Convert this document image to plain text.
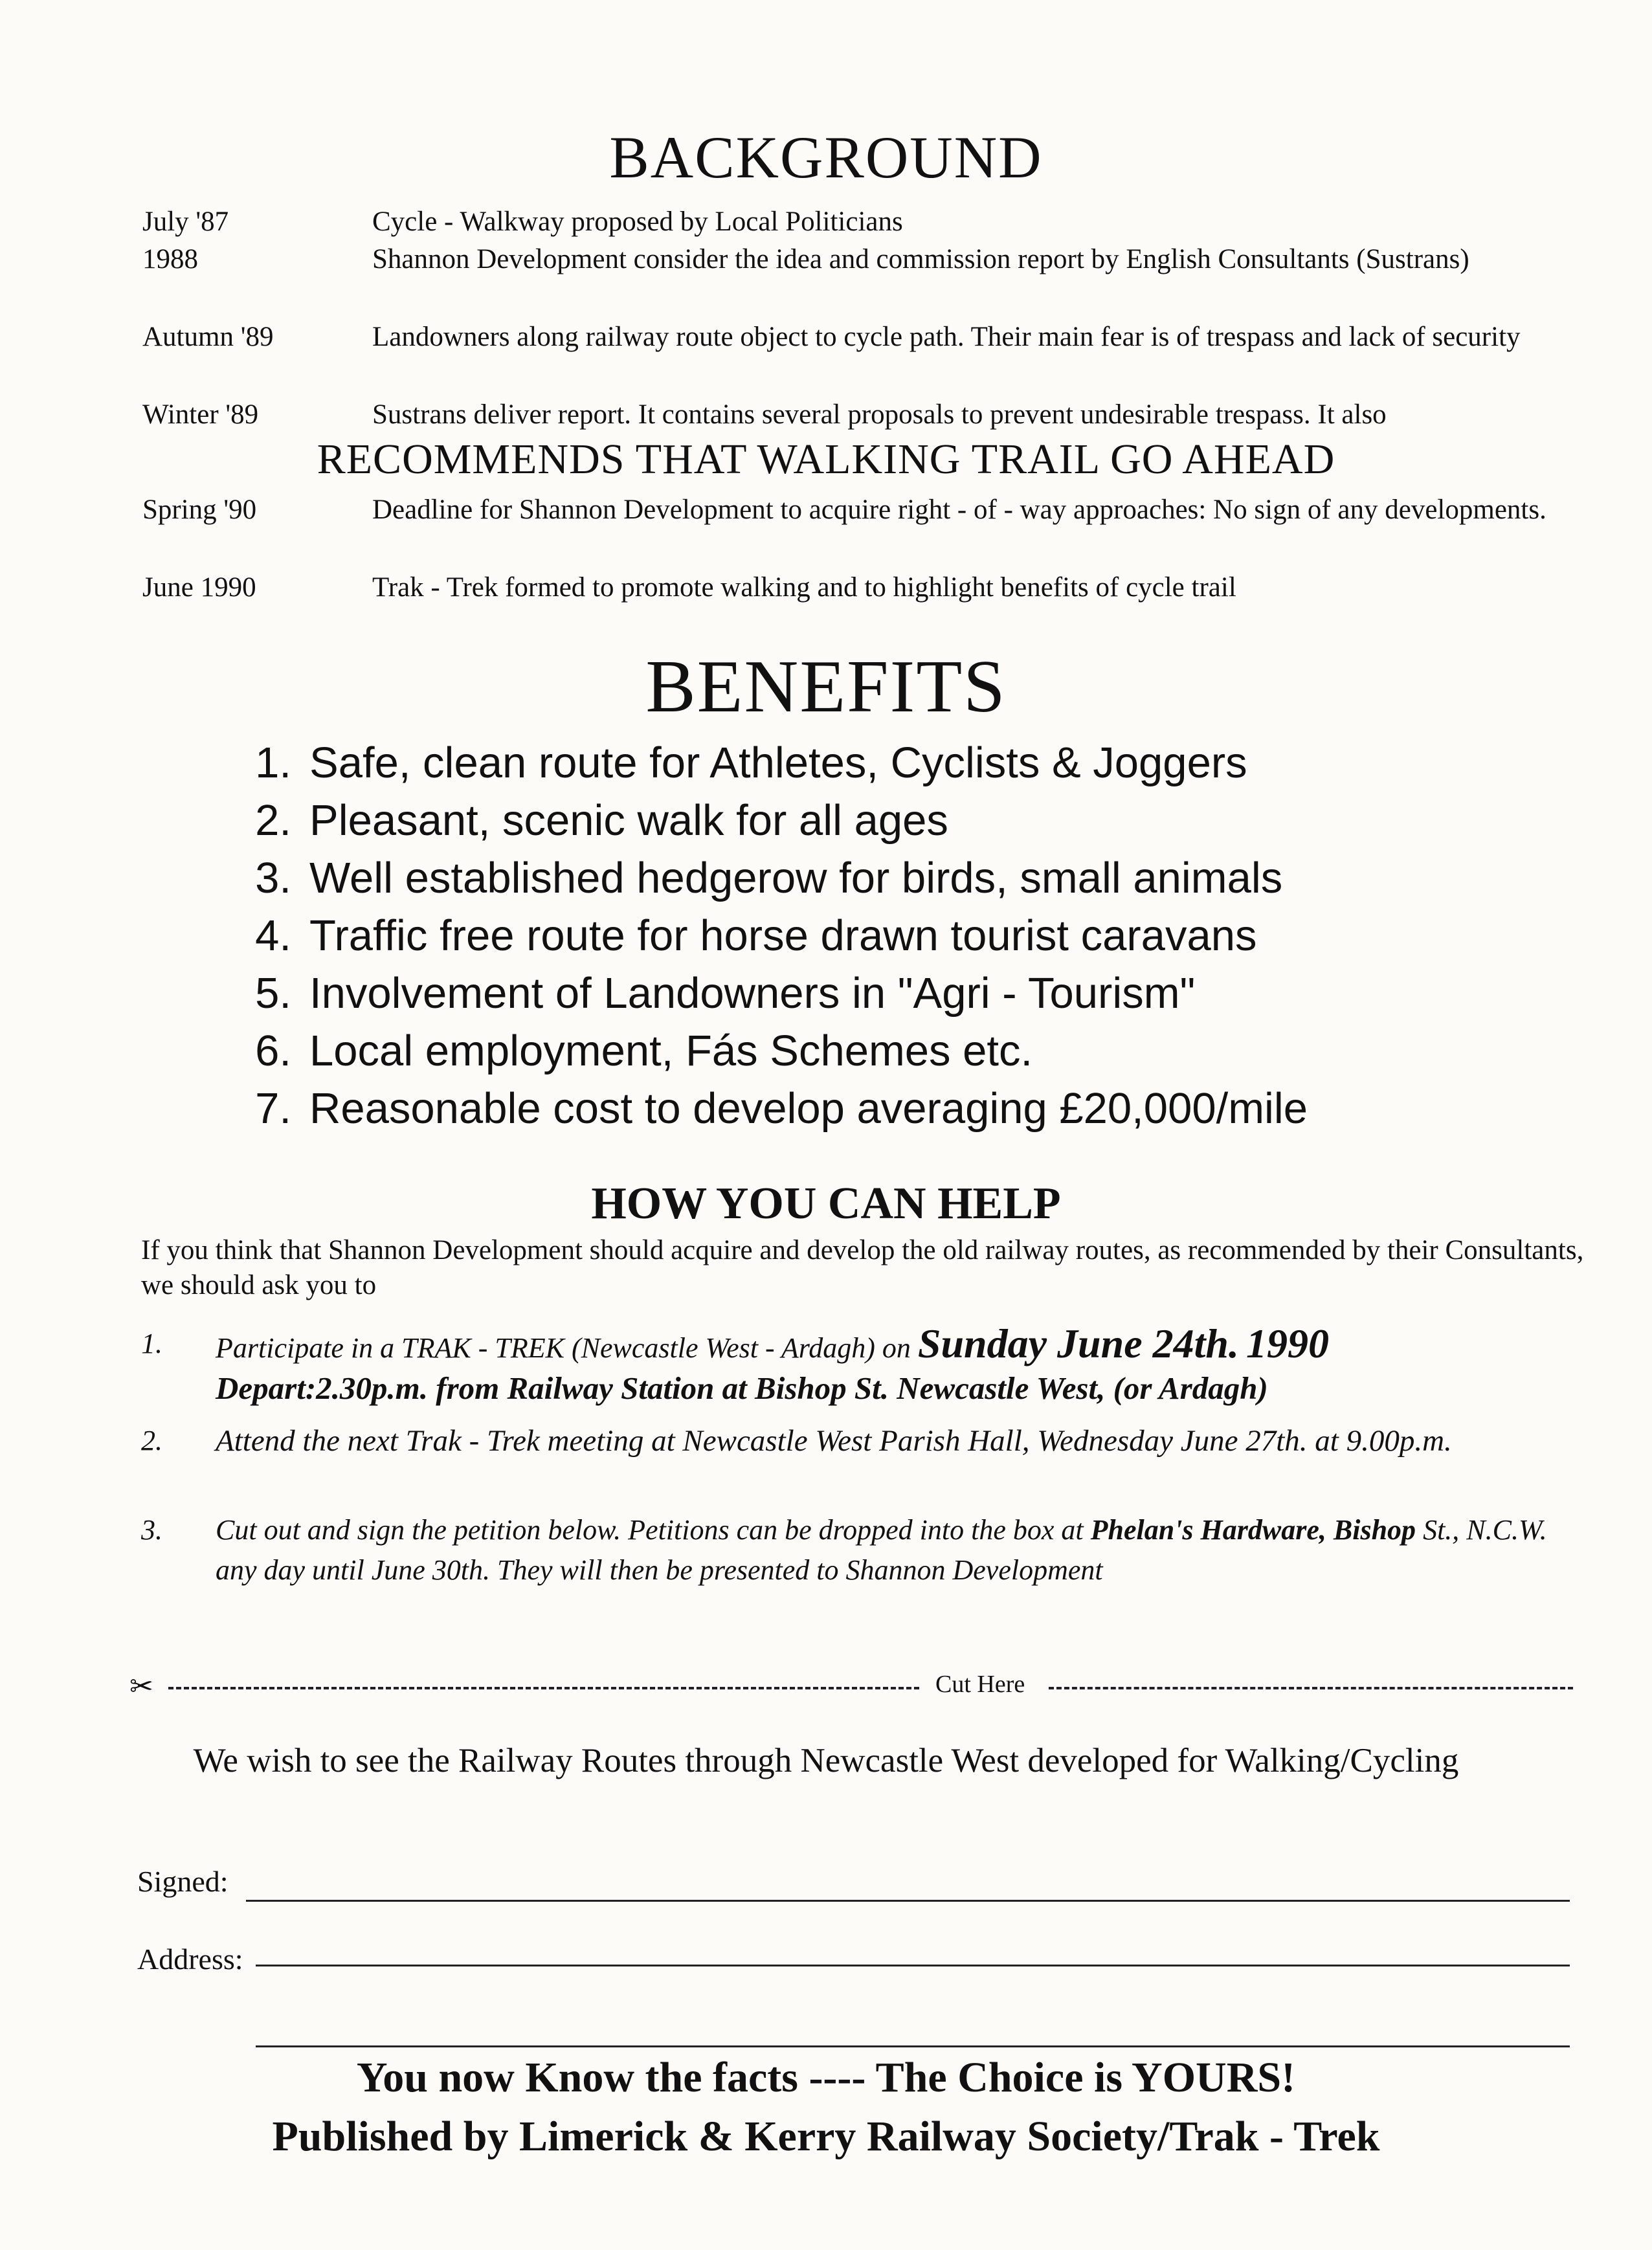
BACKGROUND
July '87	Cycle - Walkway proposed by Local Politicians
1988	Shannon Development consider the idea and commission report by English Consultants (Sustrans)
Autumn '89	Landowners along railway route object to cycle path. Their main fear is of trespass and lack of security
Winter '89	Sustrans deliver report. It contains several proposals to prevent undesirable trespass. It also
RECOMMENDS THAT WALKING TRAIL GO AHEAD
Spring '90	Deadline for Shannon Development to acquire right - of - way approaches: No sign of any developments.
June 1990	Trak - Trek formed to promote walking and to highlight benefits of cycle trail
BENEFITS
1. Safe, clean route for Athletes, Cyclists & Joggers
2. Pleasant, scenic walk for all ages
3. Well established hedgerow for birds, small animals
4. Traffic free route for horse drawn tourist caravans
5. Involvement of Landowners in "Agri - Tourism"
6. Local employment, Fás Schemes etc.
7. Reasonable cost to develop averaging £20,000/mile
HOW YOU CAN HELP
If you think that Shannon Development should acquire and develop the old railway routes, as recommended by their Consultants, we should ask you to
1.	Participate in a TRAK - TREK (Newcastle West - Ardagh) on Sunday June 24th. 1990
Depart:2.30p.m. from Railway Station at Bishop St. Newcastle West, (or Ardagh)
2.	Attend the next Trak - Trek meeting at Newcastle West Parish Hall, Wednesday June 27th. at 9.00p.m.
3.	Cut out and sign the petition below. Petitions can be dropped into the box at Phelan's Hardware, Bishop St., N.C.W. any day until June 30th. They will then be presented to Shannon Development
✂	Cut Here
We wish to see the Railway Routes through Newcastle West developed for Walking/Cycling
Signed:
Address:
You now Know the facts ---- The Choice is YOURS!
Published by Limerick & Kerry Railway Society/Trak - Trek
